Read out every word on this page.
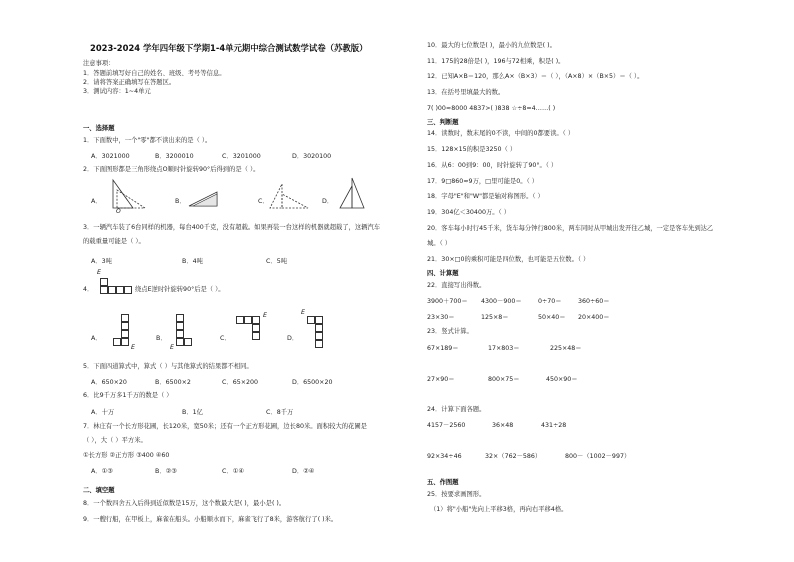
2023-2024 学年四年级下学期1-4单元期中综合测试数学试卷（苏教版）
注意事项：
1．答题前填写好自己的姓名、班级、考号等信息。
2．请将答案正确填写在答题区。
3．测试内容：1~4单元
一、选择题
1．下面数中，一个"零"都不读出来的是（ ）。
A．3021000	B．3200010	C．3201000	D．3020100
2．下面图形都是三角形绕点O顺时针旋转90°后得到的是（ ）。
A．
O
B．	C．	D．
3．一辆汽车装了6台同样的机器，每台400千克，没有超载。如果再装一台这样的机器就超载了，这辆汽车
的载重量可能是（ ）。
A．3吨	B．4吨	C．5吨
4．
E
绕点E逆时针旋转90°后是（ ）。
A．
E
B．
E
C．
E
D．
E
5．下面四道算式中，算式（ ）与其他算式的结果都不相同。
A．650×20	B．6500×2	C．65×200	D．6500×20
6．比9千万多1千万的数是（ ）
A．十万	B．1亿	C．8千万
7．林庄有一个长方形花圃，长120米，宽50米；还有一个正方形花圃，边长80米。面积较大的花圃是
（ ），大（ ）平方米。
①长方形 ②正方形 ③400 ④60
A．①③	B．②③	C．①④	D．②④
二、填空题
8．一个数四舍五入后得到近似数是15万，这个数最大是( )，最小是( )。
9．一艘行船，在甲板上，麻雀在船头。小船顺水而下，麻雀飞行了8米，游客航行了( )米。
10．最大的七位数是( )，最小的九位数是( )。
11．175的28倍是( )，196与72相乘，积是( )。
12．已知A×B＝120，那么A×（B×3）＝（ ），（A×8）×（B×5）＝（ ）。
13．在括号里填最大的数。
7( )00≈8000 4837>( )838 ☆÷8=4……( )
三、判断题
14．读数时，数末尾的0不读，中间的0都要读。（ ）
15．128×15的积是3250（ ）
16．从6：00到9：00，时针旋转了90°。（ ）
17．9□860≈9万，□里可能是0。（ ）
18．字母"E"和"W"都是轴对称图形。（ ）
19．304亿＜30400万。（ ）
20．客车每小时行45千米，货车每分钟行800米，两车同时从甲城出发开往乙城，一定是客车先到达乙
城。（ ）
21．30×□0的乘积可能是四位数，也可能是五位数。（ ）
四、计算题
22．直接写出得数。
3900＋700＝ 4300－900＝	0÷70＝	360÷60＝
23×30＝	125×8＝	50×40＝ 20×400＝
23．竖式计算。
67×189＝	17×803＝	225×48＝
27×90＝	800×75＝	450×90＝
24．计算下面各题。
4157－2560	36×48	431÷28
92×34÷46	32×（762－586）	800－（1002－997）
五、作图题
25．按要求画图形。
（1）将"小船"先向上平移3格，再向右平移4格。
